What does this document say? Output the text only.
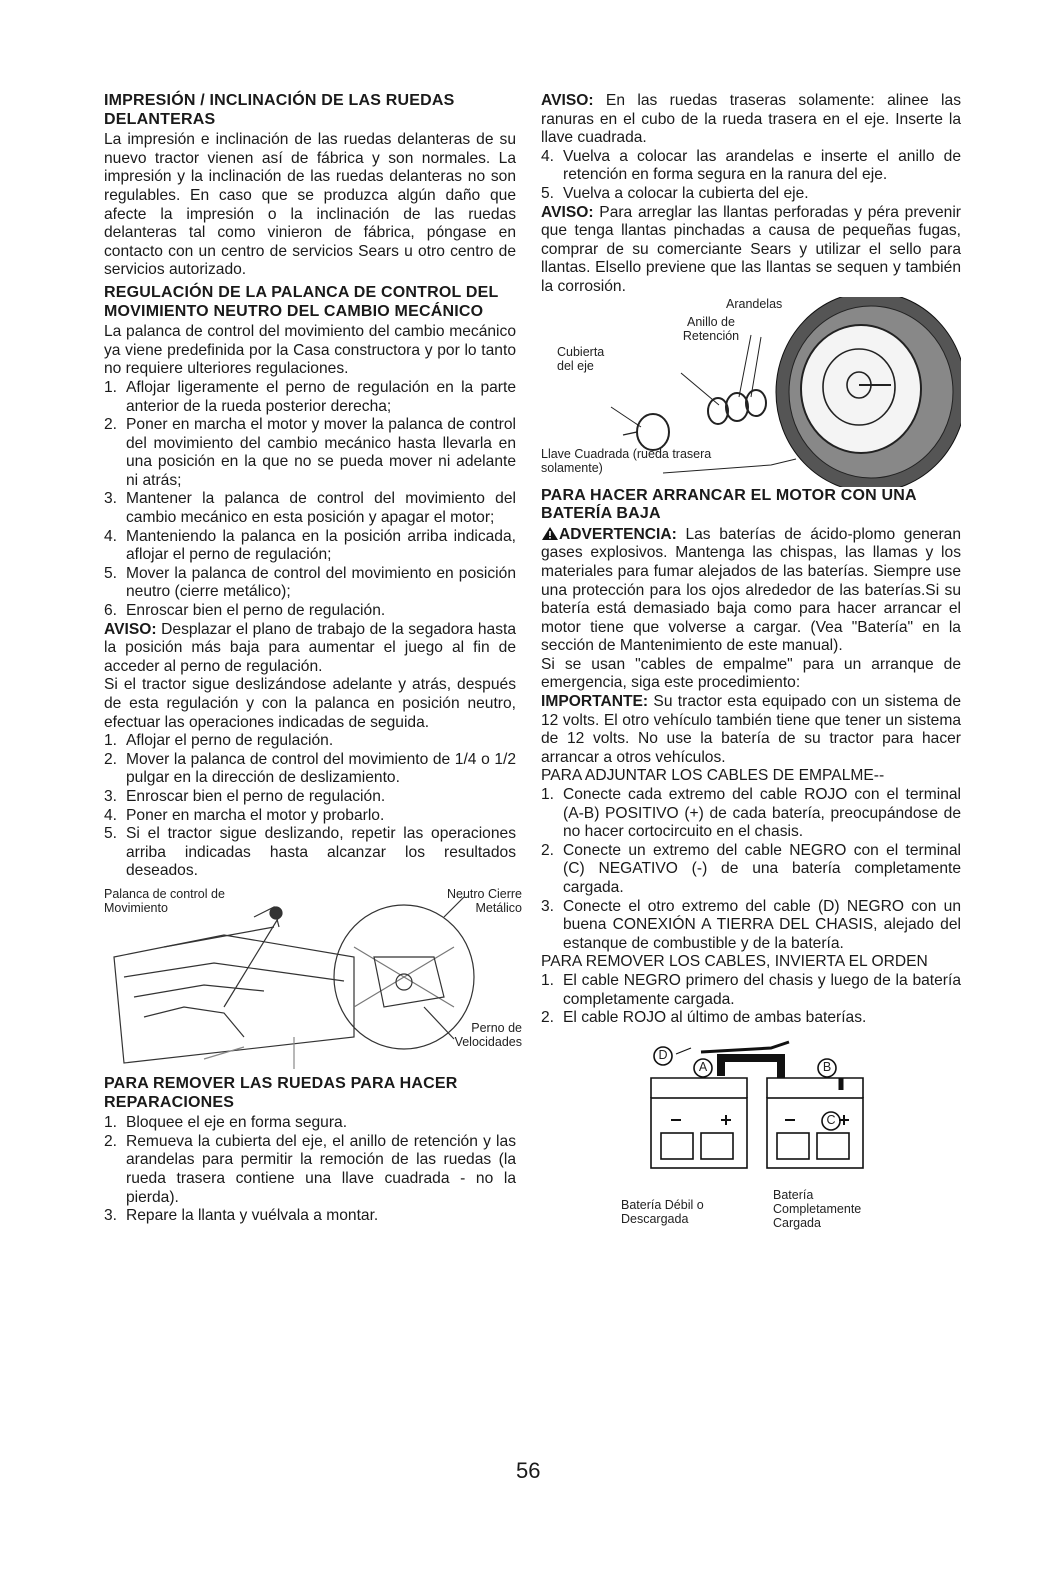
IMPRESIÓN / INCLINACIÓN DE LAS RUEDAS DELANTERAS

La impresión e inclinación de las ruedas delanteras de su nuevo tractor vienen así de fábrica y son normales. La impresión y la inclinación de las ruedas delanteras no son regulables. En caso que se produzca algún daño que afecte la impresión o la inclinación de las ruedas delanteras tal como vinieron de fábrica, póngase en contacto con un centro de servicios Sears u otro centro de servicios autorizado.

REGULACIÓN DE LA PALANCA DE CONTROL DEL MOVIMIENTO NEUTRO DEL CAMBIO MECÁNICO

La palanca de control del movimiento del cambio mecánico ya viene predefinida por la Casa constructora y por lo tanto no requiere ulteriores regulaciones.

1. Aflojar ligeramente el perno de regulación en la parte anterior de la rueda posterior derecha;
2. Poner en marcha el motor y mover la palanca de control del movimiento del cambio mecánico hasta llevarla en una posición en la que no se pueda mover ni adelante ni atrás;
3. Mantener la palanca de control del movimiento del cambio mecánico en esta posición y apagar el motor;
4. Manteniendo la palanca en la posición arriba indicada, aflojar el perno de regulación;
5. Mover la palanca de control del movimiento en posición neutro (cierre metálico);
6. Enroscar bien el perno de regulación.

AVISO: Desplazar el plano de trabajo de la segadora hasta la posición más baja para aumentar el juego al fin de acceder al perno de regulación.

Si el tractor sigue deslizándose adelante y atrás, después de esta regulación y con la palanca en posición neutro, efectuar las operaciones indicadas de seguida.

1. Aflojar el perno de regulación.
2. Mover la palanca de control del movimiento de 1/4 o 1/2 pulgar en la dirección de deslizamiento.
3. Enroscar bien el perno de regulación.
4. Poner en marcha el motor y probarlo.
5. Si el tractor sigue deslizando, repetir las operaciones arriba indicadas hasta alcanzar los resultados deseados.
Palanca de control de Movimiento
Neutro Cierre Metálico
Perno de Velocidades
PARA REMOVER LAS RUEDAS PARA HACER REPARACIONES
1. Bloquee el eje en forma segura.
2. Remueva la cubierta del eje, el anillo de retención y las arandelas para permitir la remoción de las ruedas (la rueda trasera contiene una llave cuadrada - no la pierda).
3. Repare la llanta y vuélvala a montar.

AVISO: En las ruedas traseras solamente: alinee las ranuras en el cubo de la rueda trasera en el eje. Inserte la llave cuadrada.

4. Vuelva a colocar las arandelas e inserte el anillo de retención en forma segura en la ranura del eje.
5. Vuelva a colocar la cubierta del eje.

AVISO: Para arreglar las llantas perforadas y péra prevenir que tenga llantas pinchadas a causa de pequeñas fugas, comprar de su comerciante Sears y utilizar el sello para llantas. Elsello previene que las llantas se sequen y también la corrosión.

Arandelas
Anillo de Retención
Cubierta del eje
Llave Cuadrada (rueda trasera solamente)
PARA HACER ARRANCAR EL MOTOR CON UNA BATERÍA BAJA

ADVERTENCIA: Las baterías de ácido-plomo generan gases explosivos. Mantenga las chispas, las llamas y los materiales para fumar alejados de las baterías. Siempre use una protección para los ojos alrededor de las baterías.Si su batería está demasiado baja como para hacer arrancar el motor tiene que volverse a cargar. (Vea "Batería" en la sección de Mantenimiento de este manual).

Si se usan "cables de empalme" para un arranque de emergencia, siga este procedimiento:

IMPORTANTE: Su tractor esta equipado con un sistema de 12 volts. El otro vehículo también tiene que tener un sistema de 12 volts. No use la batería de su tractor para hacer arrancar a otros vehículos.

PARA ADJUNTAR LOS CABLES DE EMPALME--

1. Conecte cada extremo del cable ROJO con el terminal (A-B) POSITIVO (+) de cada batería, preocupándose de no hacer cortocircuito en el chasis.
2. Conecte un extremo del cable NEGRO con el terminal (C) NEGATIVO (-) de una batería completamente cargada.
3. Conecte el otro extremo del cable (D) NEGRO con un buena CONEXIÓN A TIERRA DEL CHASIS, alejado del estanque de combustible y de la batería.

PARA REMOVER LOS CABLES, INVIERTA EL ORDEN

1. El cable NEGRO primero del chasis y luego de la batería completamente cargada.
2. El cable ROJO al último de ambas baterías.
D
A	B
C
Batería Débil o Descargada
Batería Completamente Cargada
56
